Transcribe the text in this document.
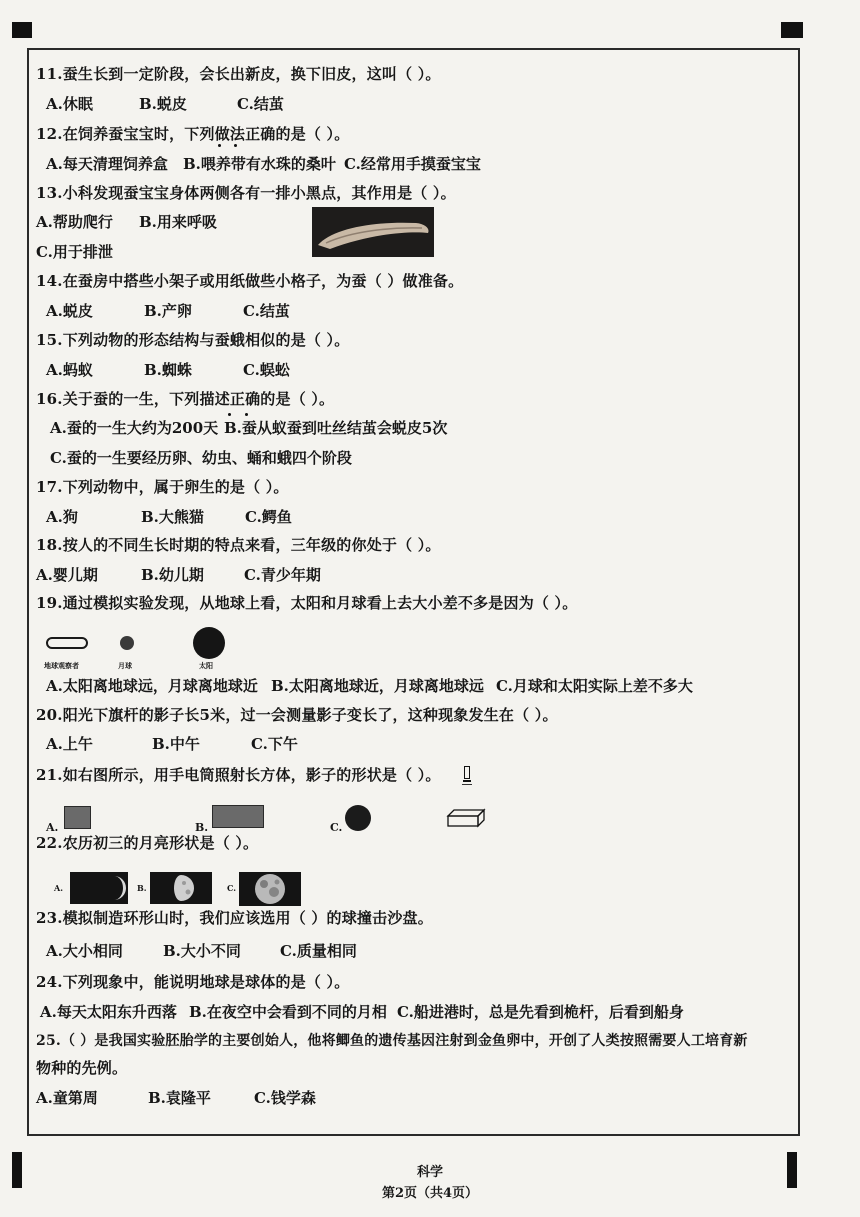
11.蚕生长到一定阶段，会长出新皮，换下旧皮，这叫（ ）。
A.休眠	B.蜕皮	C.结茧
12.在饲养蚕宝宝时，下列做法正确的是（ ）。
A.每天清理饲养盒 B.喂养带有水珠的桑叶 C.经常用手摸蚕宝宝
13.小科发现蚕宝宝身体两侧各有一排小黑点，其作用是（ ）。
A.帮助爬行 B.用来呼吸
C.用于排泄
14.在蚕房中搭些小架子或用纸做些小格子，为蚕（ ）做准备。
A.蜕皮	B.产卵	C.结茧
15.下列动物的形态结构与蚕蛾相似的是（ ）。
A.蚂蚁	B.蜘蛛	C.蜈蚣
16.关于蚕的一生，下列描述正确的是（ ）。
A.蚕的一生大约为200天 B.蚕从蚁蚕到吐丝结茧会蜕皮5次
C.蚕的一生要经历卵、幼虫、蛹和蛾四个阶段
17.下列动物中，属于卵生的是（ ）。
A.狗	B.大熊猫	C.鳄鱼
18.按人的不同生长时期的特点来看，三年级的你处于（ ）。
A.婴儿期	B.幼儿期	C.青少年期
19.通过模拟实验发现，从地球上看，太阳和月球看上去大小差不多是因为（ ）。
地球观察者	月球	太阳
A.太阳离地球远，月球离地球近 B.太阳离地球近，月球离地球远 C.月球和太阳实际上差不多大
20.阳光下旗杆的影子长5米，过一会测量影子变长了，这种现象发生在（ ）。
A.上午	B.中午	C.下午
21.如右图所示，用手电筒照射长方体，影子的形状是（ ）。
A.	B.	C.
22.农历初三的月亮形状是（ ）。
A.	B.	C.
23.模拟制造环形山时，我们应该选用（ ）的球撞击沙盘。
A.大小相同	B.大小不同	C.质量相同
24.下列现象中，能说明地球是球体的是（ ）。
A.每天太阳东升西落 B.在夜空中会看到不同的月相 C.船进港时，总是先看到桅杆，后看到船身
25.（ ）是我国实验胚胎学的主要创始人，他将鲫鱼的遗传基因注射到金鱼卵中，开创了人类按照需要人工培育新
物种的先例。
A.童第周	B.袁隆平	C.钱学森
科学
第2页（共4页）
